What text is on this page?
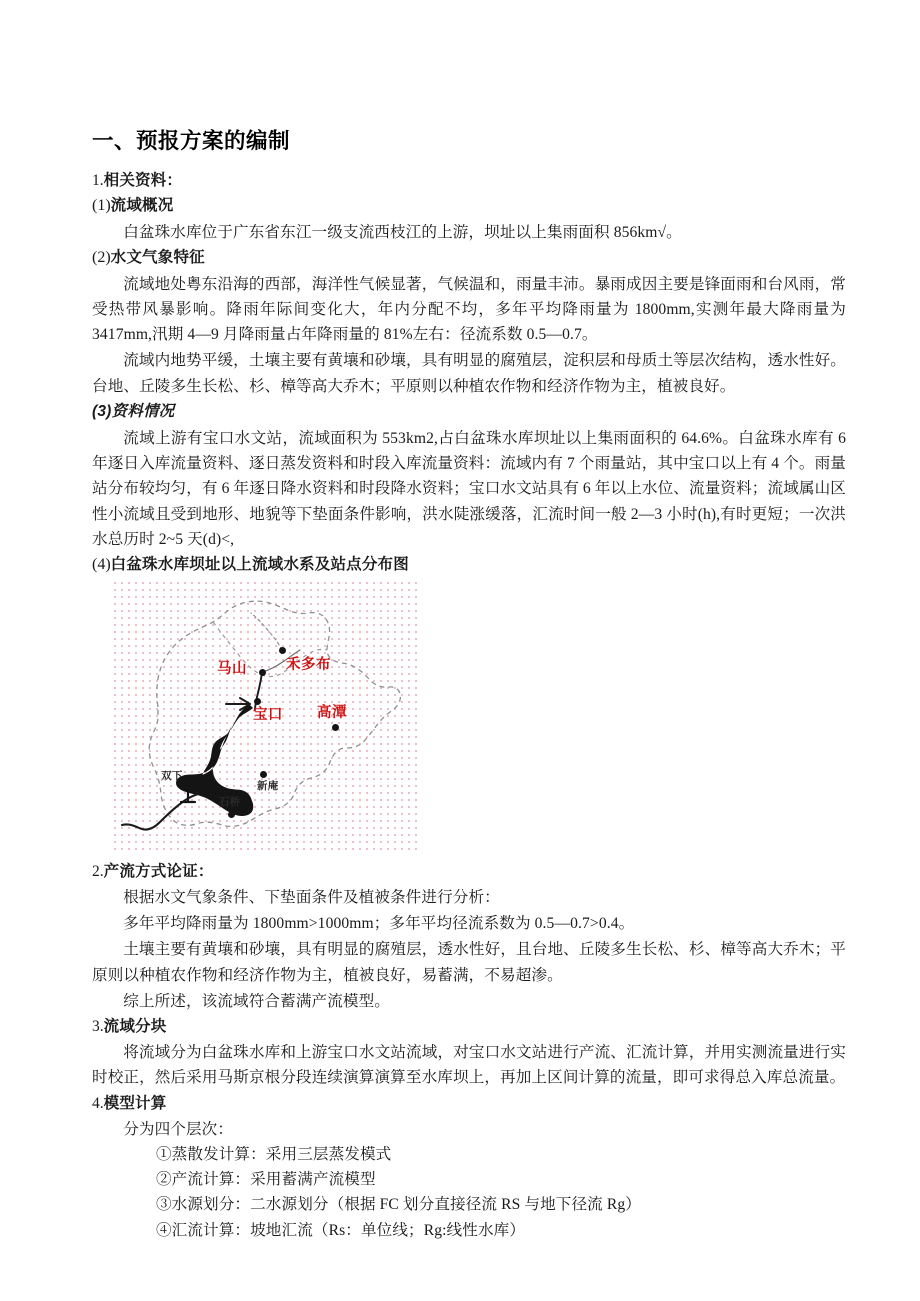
一、预报方案的编制
1.相关资料：
(1)流域概况

白盆珠水库位于广东省东江一级支流西枝江的上游，坝址以上集雨面积 856km√。

(2)水文气象特征

流域地处粤东沿海的西部，海洋性气候显著，气候温和，雨量丰沛。暴雨成因主要是锋面雨和台风雨，常受热带风暴影响。降雨年际间变化大，年内分配不均，多年平均降雨量为 1800mm,实测年最大降雨量为 3417mm,汛期 4—9 月降雨量占年降雨量的 81%左右：径流系数 0.5—0.7。

流域内地势平缓，土壤主要有黄壤和砂壤，具有明显的腐殖层，淀积层和母质土等层次结构，透水性好。台地、丘陵多生长松、杉、樟等高大乔木；平原则以种植农作物和经济作物为主，植被良好。

(3)资料情况

流域上游有宝口水文站，流域面积为 553km2,占白盆珠水库坝址以上集雨面积的 64.6%。白盆珠水库有 6 年逐日入库流量资料、逐日蒸发资料和时段入库流量资料：流域内有 7 个雨量站，其中宝口以上有 4 个。雨量站分布较均匀，有 6 年逐日降水资料和时段降水资料；宝口水文站具有 6 年以上水位、流量资料；流域属山区性小流域且受到地形、地貌等下垫面条件影响，洪水陡涨缓落，汇流时间一般 2—3 小时(h),有时更短；一次洪水总历时 2~5 天(d)<,

(4)白盆珠水库坝址以上流域水系及站点分布图
马山	禾多布
宝口 高潭
双下
石桥
新庵
2.产流方式论证：

根据水文气象条件、下垫面条件及植被条件进行分析：

多年平均降雨量为 1800mm>1000mm；多年平均径流系数为 0.5—0.7>0.4。

土壤主要有黄壤和砂壤，具有明显的腐殖层，透水性好，且台地、丘陵多生长松、杉、樟等高大乔木；平原则以种植农作物和经济作物为主，植被良好，易蓄满，不易超渗。

综上所述，该流域符合蓄满产流模型。

3.流域分块

将流域分为白盆珠水库和上游宝口水文站流域，对宝口水文站进行产流、汇流计算，并用实测流量进行实时校正，然后采用马斯京根分段连续演算演算至水库坝上，再加上区间计算的流量，即可求得总入库总流量。

4.模型计算
分为四个层次：
①蒸散发计算：采用三层蒸发模式
②产流计算：采用蓄满产流模型
③水源划分：二水源划分（根据 FC 划分直接径流 RS 与地下径流 Rg）
④汇流计算：坡地汇流（Rs：单位线；Rg:线性水库）
